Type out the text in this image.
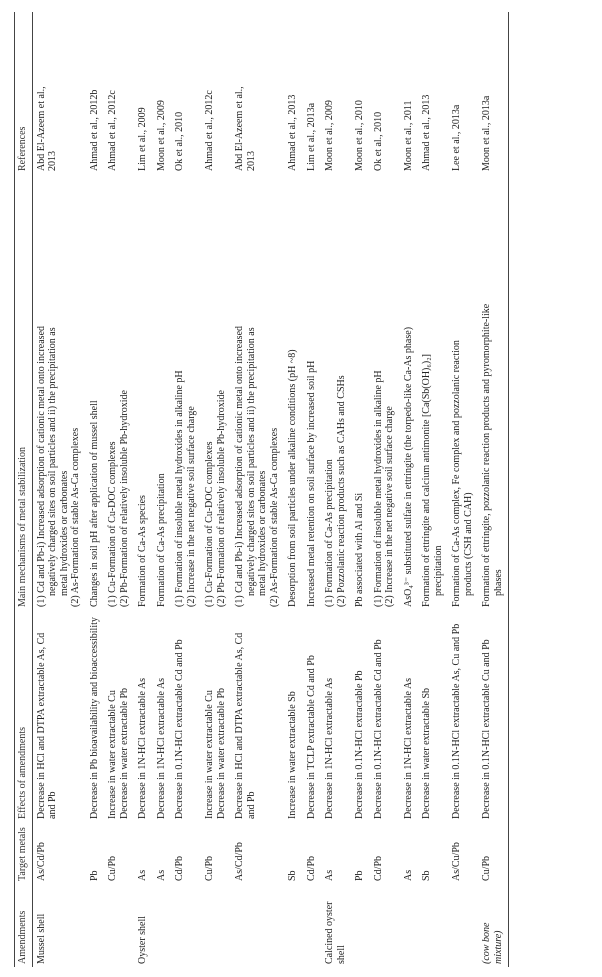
Amendments	Target metals	Effects of amendments	Main mechanisms of metal stabilization	References
Mussel shell	As/Cd/Pb	Decrease in HCl and DTPA extractable As, Cd and Pb	(1) Cd and Pb-i) Increased adsorption of cationic metal onto increased negatively charged sites on soil particles and ii) the precipitation as metal hydroxides or carbonates (2) As-Formation of stable As-Ca complexes	Abd El-Azeem et al., 2013

	Pb	Decrease in Pb bioavailability and bioaccessibility	Changes in soil pH after application of mussel shell	Ahmad et al., 2012b

	Cu/Pb	Increase in water extractable Cu Decrease in water extractable Pb	(1) Cu-Formation of Cu-DOC complexes (2) Pb-Formation of relatively insoluble Pb-hydroxide	Ahmad et al., 2012c

Oyster shell	As	Decrease in 1N-HCl extractable As	Formation of Ca-As species	Lim et al., 2009

	As	Decrease in 1N-HCl extractable As	Formation of Ca-As precipitation	Moon et al., 2009

	Cd/Pb	Decrease in 0.1N-HCl extractable Cd and Pb	(1) Formation of insoluble metal hydroxides in alkaline pH (2) Increase in the net negative soil surface charge	Ok et al., 2010

	Cu/Pb	Increase in water extractable Cu Decrease in water extractable Pb	(1) Cu-Formation of Cu-DOC complexes (2) Pb-Formation of relatively insoluble Pb-hydroxide	Ahmad et al., 2012c

	As/Cd/Pb	Decrease in HCl and DTPA extractable As, Cd and Pb	(1) Cd and Pb-i) Increased adsorption of cationic metal onto increased negatively charged sites on soil particles and ii) the precipitation as metal hydroxides or carbonates (2) As-Formation of stable As-Ca complexes	Abd El-Azeem et al., 2013

	Sb	Increase in water extractable Sb	Desorption from soil particles under alkaline conditions (pH ~8)	Ahmad et al., 2013

	Cd/Pb	Decrease in TCLP extractable Cd and Pb	Increased metal retention on soil surface by increased soil pH	Lim et al., 2013a

Calcined oyster shell	As	Decrease in 1N-HCl extractable As	(1) Formation of Ca-As precipitation (2) Pozzolanic reaction products such as CAHs and CSHs	Moon et al., 2009

	Pb	Decrease in 0.1N-HCl extractable Pb	Pb associated with Al and Si	Moon et al., 2010

	Cd/Pb	Decrease in 0.1N-HCl extractable Cd and Pb	(1) Formation of insoluble metal hydroxides in alkaline pH (2) Increase in the net negative soil surface charge	Ok et al., 2010

	As	Decrease in 1N-HCl extractable As	AsO₄³⁻ substituted sulfate in ettringite (the torpedo-like Ca-As phase)	Moon et al., 2011

	Sb	Decrease in water extractable Sb	Formation of ettringite and calcium antimonite [Ca(Sb(OH)₆)₂] precipitation	Ahmad et al., 2013

	As/Cu/Pb	Decrease in 0.1N-HCl extractable As, Cu and Pb	Formation of Ca-As complex, Fe complex and pozzolanic reaction products (CSH and CAH)	Lee et al., 2013a

(cow bone mixture)	Cu/Pb	Decrease in 0.1N-HCl extractable Cu and Pb	Formation of ettringite, pozzolanic reaction products and pyromorphite-like phases	Moon et al., 2013a
